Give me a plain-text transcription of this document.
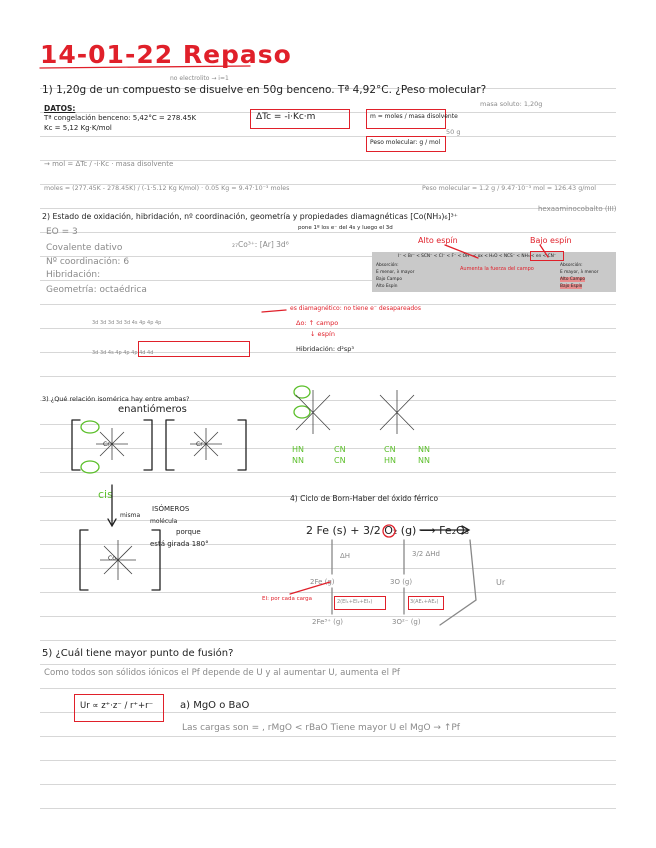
14-01-22 Repaso
no electrolito → i=1
1) 1,20g de un compuesto se disuelve en 50g benceno. Tª 4,92°C. ¿Peso molecular?
DATOS:
Tª congelación benceno: 5,42°C = 278.45K
Kc = 5,12 Kg·K/mol
ΔTc = -i·Kc·m	m = moles / masa disolvente
masa soluto: 1,20g
50 g
Peso molecular: g / mol
→ mol = ΔTc / -i·Kc · masa disolvente
moles = (277.45K - 278.45K) / (-1·5.12 Kg K/mol) · 0.05 Kg = 9.47·10⁻³ moles	Peso molecular = 1.2 g / 9.47·10⁻³ mol = 126.43 g/mol
2) Estado de oxidación, hibridación, nº coordinación, geometría y propiedades diamagnéticas [Co(NH₃)₆]³⁺
hexaaminocobalto (III)
EO = 3
Covalente dativo
Nº coordinación: 6
Hibridación:
Geometría: octaédrica
₂₇Co³⁺: [Ar] 3d⁶
pone 1º los e⁻ del 4s y luego el 3d
Alto espín	Bajo espín
I⁻ < Br⁻ < SCN⁻ < Cl⁻ < F⁻ < OH⁻ < ox < H₂O < NCS⁻ < NH₃ < en < CN⁻
Absorción:
E menor, λ mayor
Bajo Campo
Alto Espín
Aumenta la fuerza del campo
Absorción:
E mayor, λ menor
Alto Campo
Bajo Espín
3d 3d 3d 3d 3d 4s 4p 4p 4p
3d 3d 4s 4p 4p 4p 4d 4d
es diamagnético: no tiene e⁻ desapareados
Δo: ↑ campo
↓ espín
Hibridación: d²sp³
3) ¿Qué relación isomérica hay entre ambas?
enantiómeros
cis
ISÓMEROS
misma
molécula
porque
está girada 180°
HN
NN
CN
CN
CN
HN
NN
NN
Cr	Cr
Co
4) Ciclo de Born-Haber del óxido férrico
2 Fe (s) + 3/2 O₂ (g) ⟶ Fe₂O₃
ΔH	3/2 ΔHd
2Fe (g)	3O (g)
EI: por cada carga	2(EI₁+EI₂+EI₃)	3(AE₁+AE₂)
2Fe³⁺ (g)	3O²⁻ (g)
Ur
5) ¿Cuál tiene mayor punto de fusión?
Como todos son sólidos iónicos el Pf depende de U y al aumentar U, aumenta el Pf
Ur ∝ z⁺·z⁻ / r⁺+r⁻	a) MgO o BaO
Las cargas son = , rMgO < rBaO Tiene mayor U el MgO → ↑Pf
